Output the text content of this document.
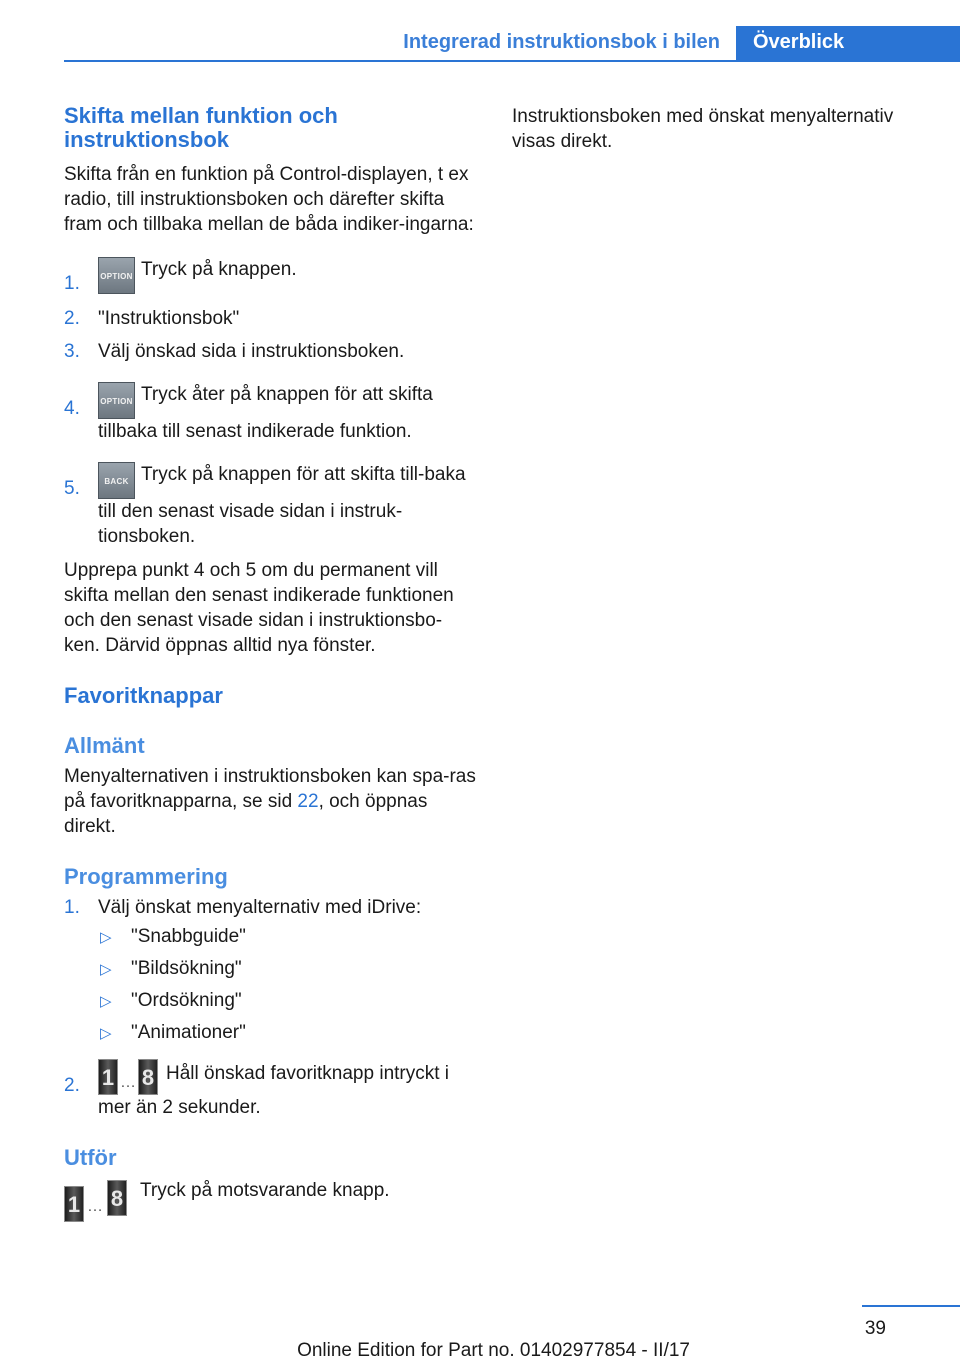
Integrerad instruktionsbok i bilen	Överblick
Skifta mellan funktion och instruktionsbok

Skifta från en funktion på Control-displayen, t ex radio, till instruktionsboken och därefter skifta fram och tillbaka mellan de båda indiker-ingarna:

1.	OPTION Tryck på knappen.
2. "Instruktionsbok"
3. Välj önskad sida i instruktionsboken.
4.	OPTION Tryck åter på knappen för att skifta tillbaka till senast indikerade funktion.
5.	BACK Tryck på knappen för att skifta till-baka till den senast visade sidan i instruk-tionsboken.

Upprepa punkt 4 och 5 om du permanent vill skifta mellan den senast indikerade funktionen och den senast visade sidan i instruktionsbo-ken. Därvid öppnas alltid nya fönster.

Favoritknappar
Allmänt

Menyalternativen i instruktionsboken kan spa-ras på favoritknapparna, se sid 22, och öppnas direkt.

Programmering
1. Välj önskat menyalternativ med iDrive:
▷ "Snabbguide"
▷ "Bildsökning"
▷ "Ordsökning"
▷ "Animationer"
2. 1 … 8 Håll önskad favoritknapp intryckt i mer än 2 sekunder.
Utför
1 … 8 Tryck på motsvarande knapp.

Instruktionsboken med önskat menyalternativ visas direkt.

39
Online Edition for Part no. 01402977854 - II/17
